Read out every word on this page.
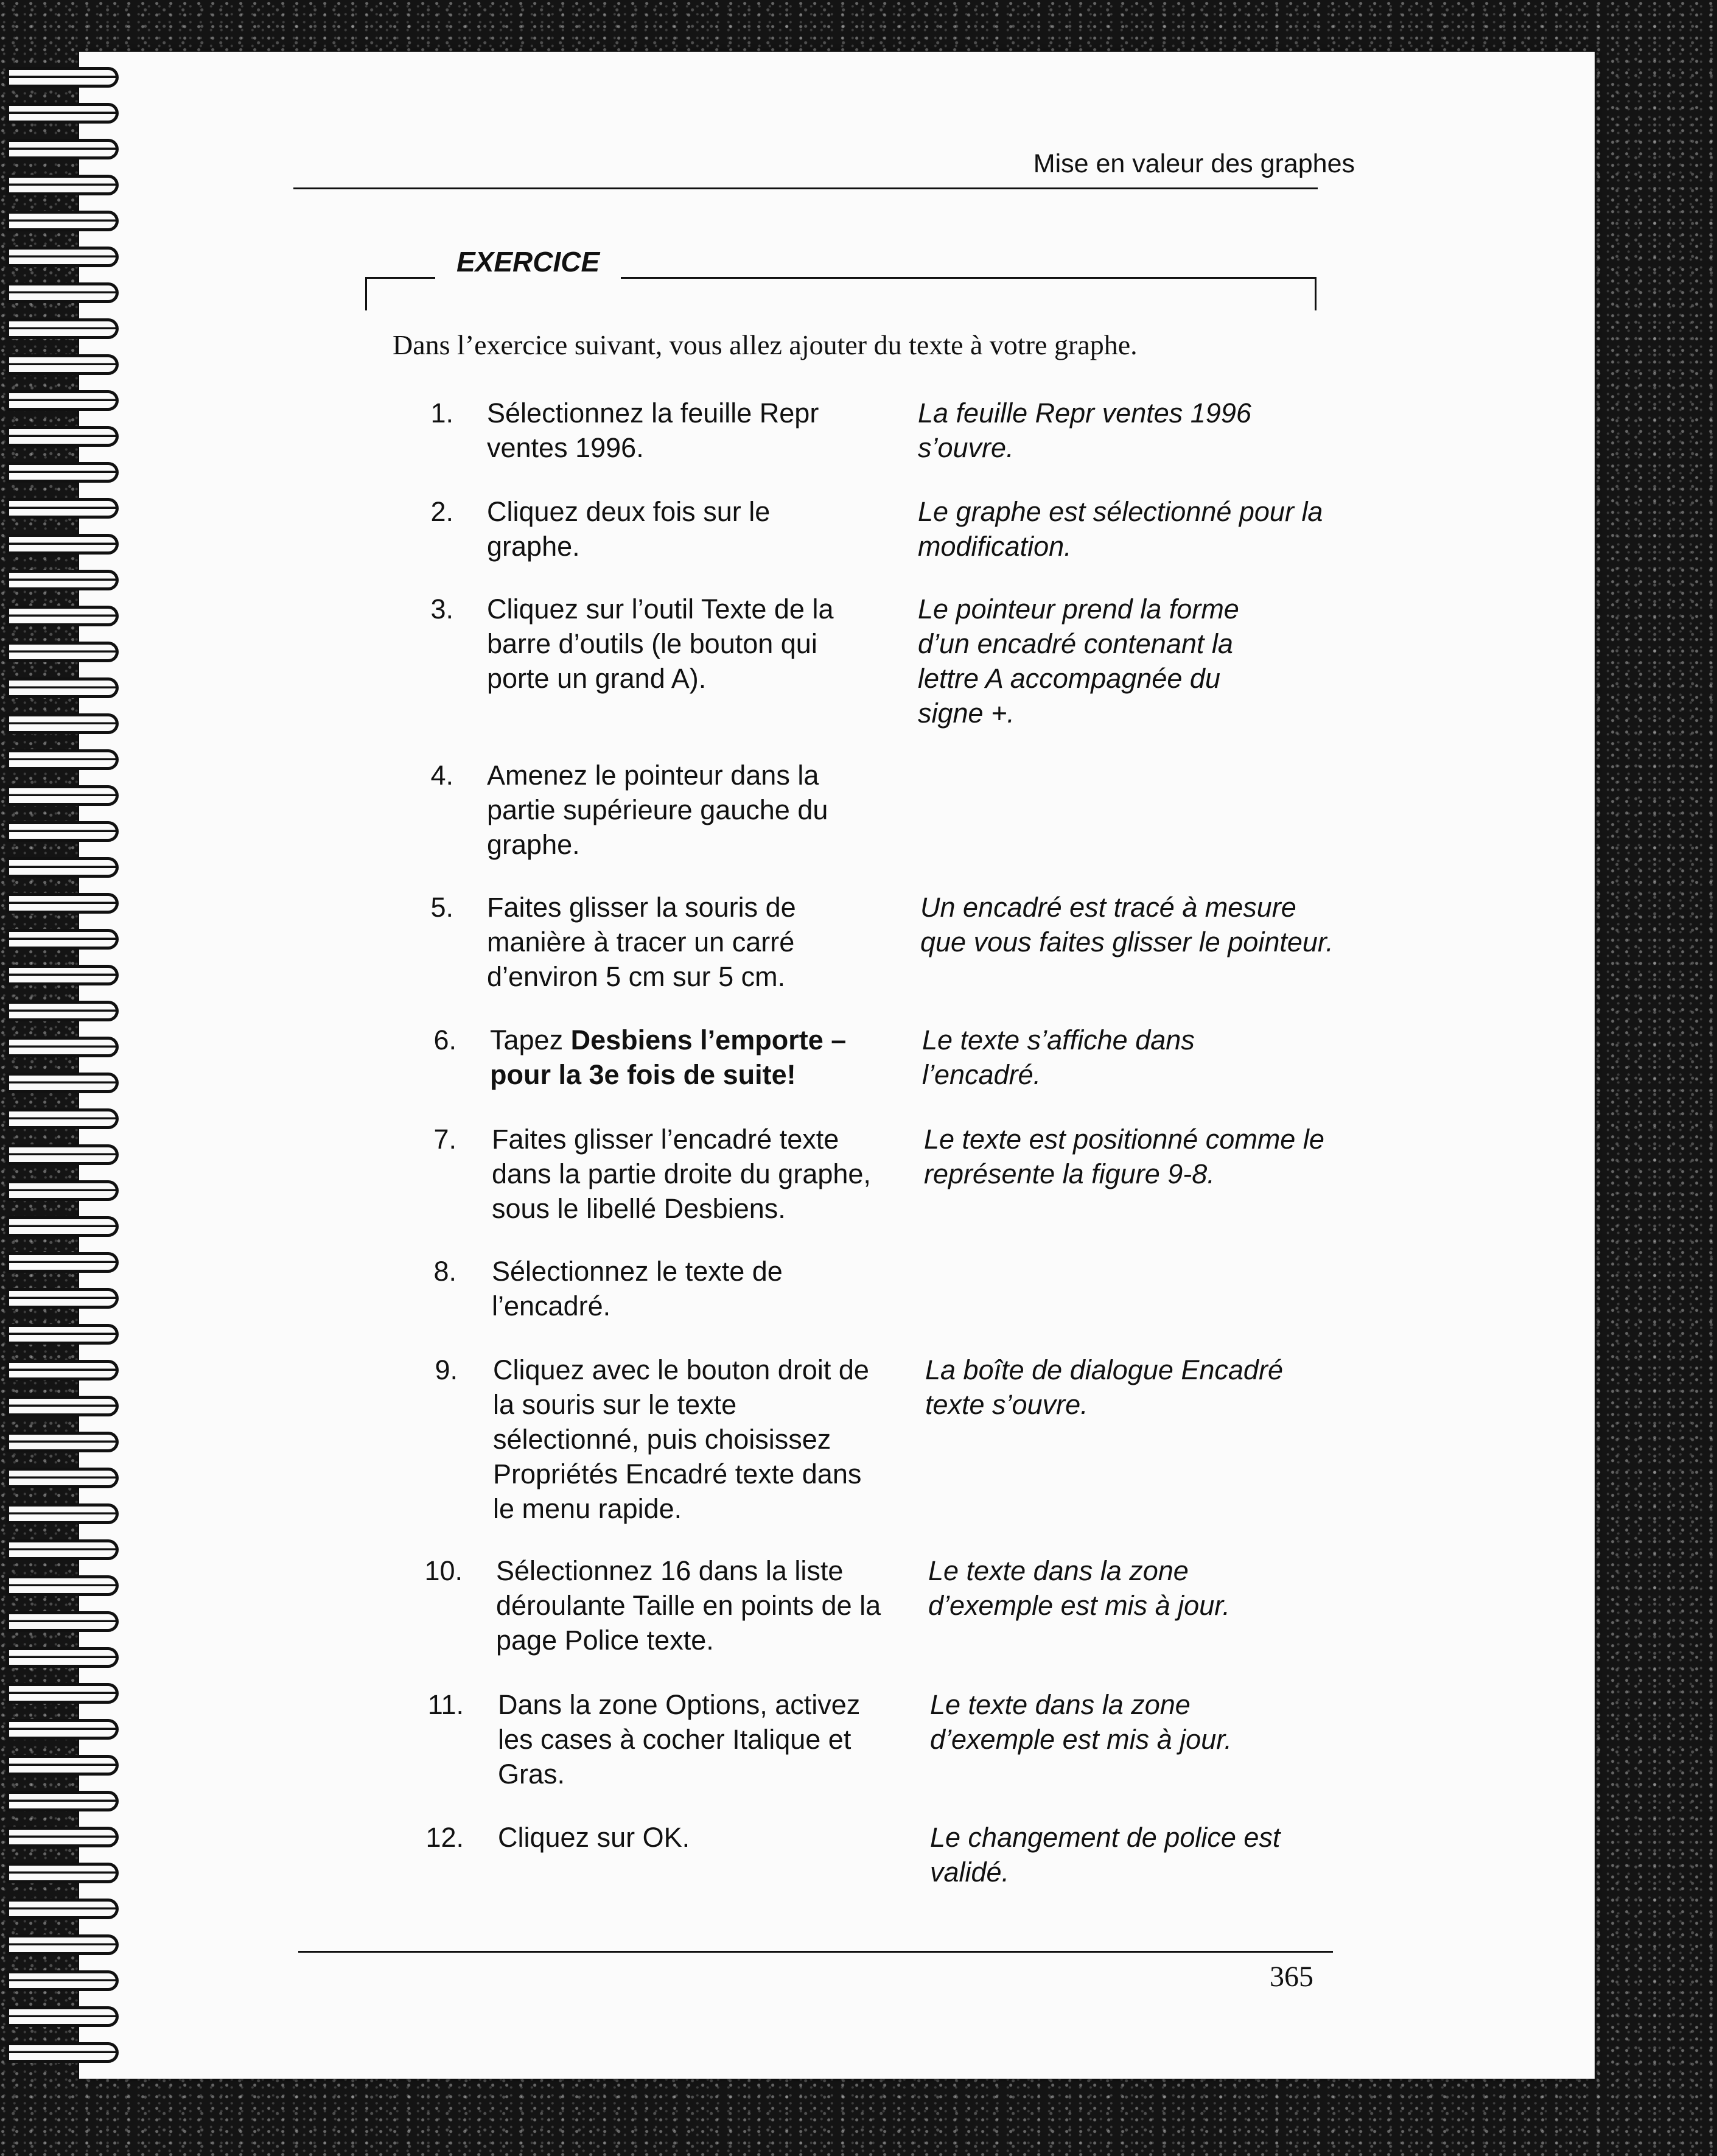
Mise en valeur des graphes
EXERCICE
Dans l’exercice suivant, vous allez ajouter du texte à votre graphe.
1. Sélectionnez la feuille Repr ventes 1996.
La feuille Repr ventes 1996 s’ouvre.
2. Cliquez deux fois sur le graphe.
Le graphe est sélectionné pour la modification.
3. Cliquez sur l’outil Texte de la barre d’outils (le bouton qui porte un grand A).
Le pointeur prend la forme d’un encadré contenant la lettre A accompagnée du signe +.
4. Amenez le pointeur dans la partie supérieure gauche du graphe.
5. Faites glisser la souris de manière à tracer un carré d’environ 5 cm sur 5 cm.
Un encadré est tracé à mesure que vous faites glisser le pointeur.
6. Tapez Desbiens l’emporte – pour la 3e fois de suite!
Le texte s’affiche dans l’encadré.
7. Faites glisser l’encadré texte dans la partie droite du graphe, sous le libellé Desbiens.
Le texte est positionné comme le représente la figure 9-8.
8. Sélectionnez le texte de l’encadré.
9. Cliquez avec le bouton droit de la souris sur le texte sélectionné, puis choisissez Propriétés Encadré texte dans le menu rapide.
La boîte de dialogue Encadré texte s’ouvre.
10. Sélectionnez 16 dans la liste déroulante Taille en points de la page Police texte.
Le texte dans la zone d’exemple est mis à jour.
11. Dans la zone Options, activez les cases à cocher Italique et Gras.
Le texte dans la zone d’exemple est mis à jour.
12. Cliquez sur OK.	Le changement de police est validé.
365
